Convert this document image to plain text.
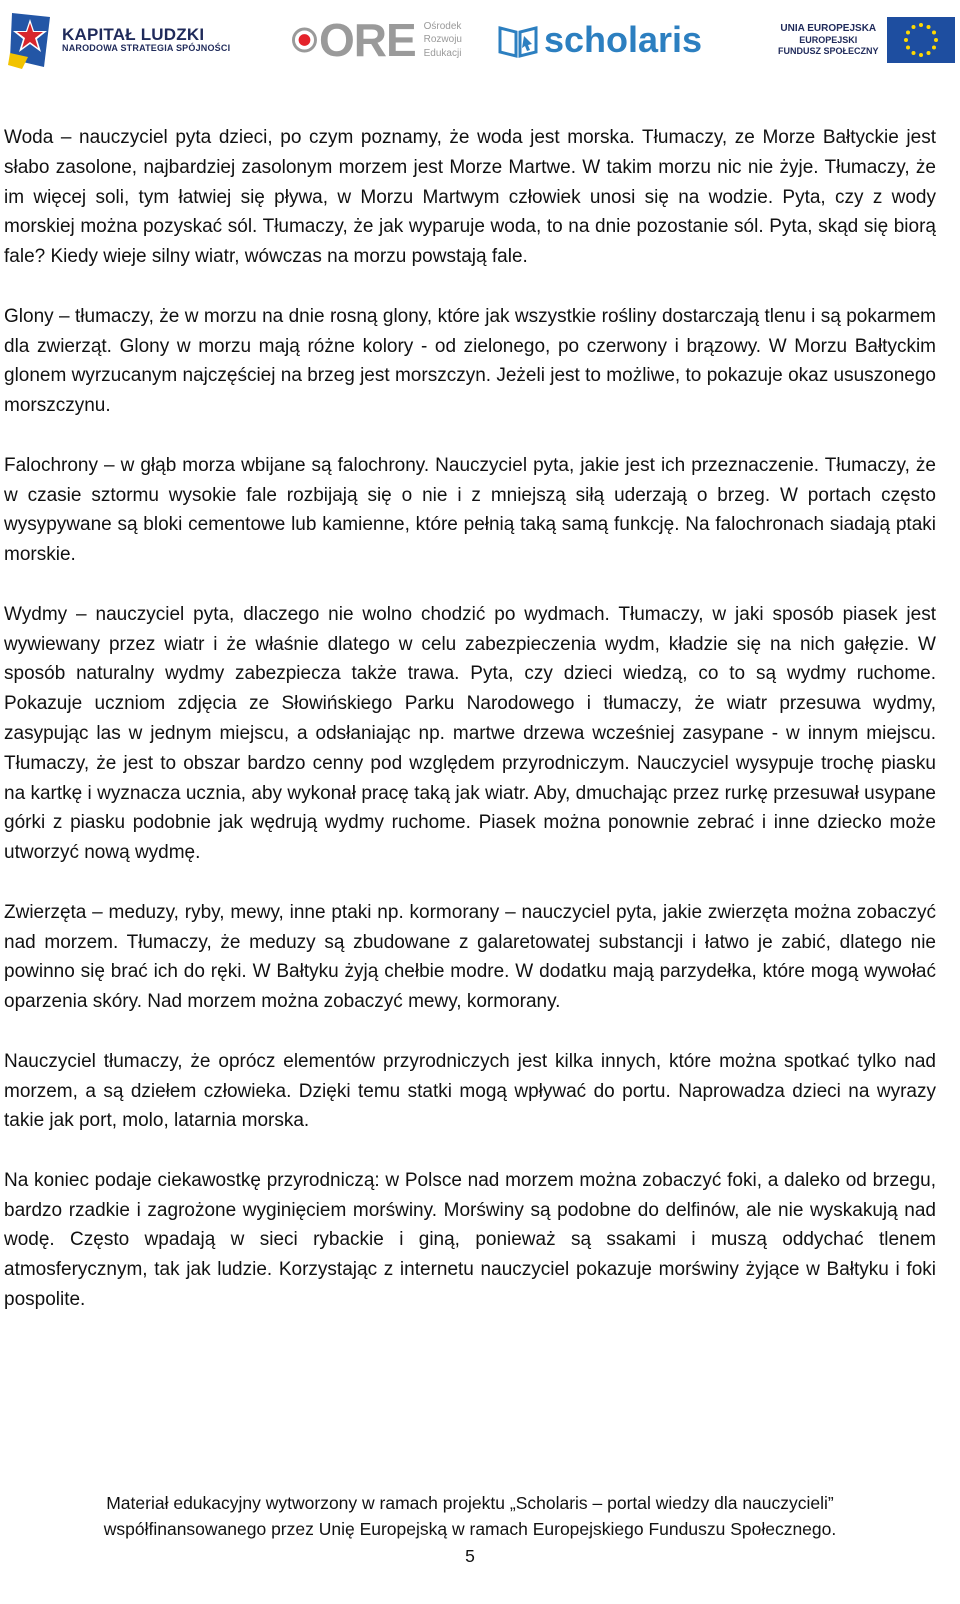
KAPITAŁ LUDZKI
NARODOWA STRATEGIA SPÓJNOŚCI ORE Ośrodek
Rozwoju
Edukacji scholaris	UNIA EUROPEJSKA
EUROPEJSKI
FUNDUSZ SPOŁECZNY

Woda – nauczyciel pyta dzieci, po czym poznamy, że woda jest morska. Tłumaczy, ze Morze Bałtyckie jest słabo zasolone, najbardziej zasolonym morzem jest Morze Martwe. W takim morzu nic nie żyje. Tłumaczy, że im więcej soli, tym łatwiej się pływa, w Morzu Martwym człowiek unosi się na wodzie. Pyta, czy z wody morskiej można pozyskać sól. Tłumaczy, że jak wyparuje woda, to na dnie pozostanie sól. Pyta, skąd się biorą fale? Kiedy wieje silny wiatr, wówczas na morzu powstają fale.

Glony – tłumaczy, że w morzu na dnie rosną glony, które jak wszystkie rośliny dostarczają tlenu i są pokarmem dla zwierząt. Glony w morzu mają różne kolory - od zielonego, po czerwony i brązowy. W Morzu Bałtyckim glonem wyrzucanym najczęściej na brzeg jest morszczyn. Jeżeli jest to możliwe, to pokazuje okaz ususzonego morszczynu.

Falochrony – w głąb morza wbijane są falochrony. Nauczyciel pyta, jakie jest ich przeznaczenie. Tłumaczy, że w czasie sztormu wysokie fale rozbijają się o nie i z mniejszą siłą uderzają o brzeg. W portach często wysypywane są bloki cementowe lub kamienne, które pełnią taką samą funkcję. Na falochronach siadają ptaki morskie.

Wydmy – nauczyciel pyta, dlaczego nie wolno chodzić po wydmach. Tłumaczy, w jaki sposób piasek jest wywiewany przez wiatr i że właśnie dlatego w celu zabezpieczenia wydm, kładzie się na nich gałęzie. W sposób naturalny wydmy zabezpiecza także trawa. Pyta, czy dzieci wiedzą, co to są wydmy ruchome. Pokazuje uczniom zdjęcia ze Słowińskiego Parku Narodowego i tłumaczy, że wiatr przesuwa wydmy, zasypując las w jednym miejscu, a odsłaniając np. martwe drzewa wcześniej zasypane - w innym miejscu. Tłumaczy, że jest to obszar bardzo cenny pod względem przyrodniczym. Nauczyciel wysypuje trochę piasku na kartkę i wyznacza ucznia, aby wykonał pracę taką jak wiatr. Aby, dmuchając przez rurkę przesuwał usypane górki z piasku podobnie jak wędrują wydmy ruchome. Piasek można ponownie zebrać i inne dziecko może utworzyć nową wydmę.

Zwierzęta – meduzy, ryby, mewy, inne ptaki np. kormorany – nauczyciel pyta, jakie zwierzęta można zobaczyć nad morzem. Tłumaczy, że meduzy są zbudowane z galaretowatej substancji i łatwo je zabić, dlatego nie powinno się brać ich do ręki. W Bałtyku żyją chełbie modre. W dodatku mają parzydełka, które mogą wywołać oparzenia skóry. Nad morzem można zobaczyć mewy, kormorany.

Nauczyciel tłumaczy, że oprócz elementów przyrodniczych jest kilka innych, które można spotkać tylko nad morzem, a są dziełem człowieka. Dzięki temu statki mogą wpływać do portu. Naprowadza dzieci na wyrazy takie jak port, molo, latarnia morska.

Na koniec podaje ciekawostkę przyrodniczą: w Polsce nad morzem można zobaczyć foki, a daleko od brzegu, bardzo rzadkie i zagrożone wyginięciem morświny. Morświny są podobne do delfinów, ale nie wyskakują nad wodę. Często wpadają w sieci rybackie i giną, ponieważ są ssakami i muszą oddychać tlenem atmosferycznym, tak jak ludzie. Korzystając z internetu nauczyciel pokazuje morświny żyjące w Bałtyku i foki pospolite.

Materiał edukacyjny wytworzony w ramach projektu „Scholaris – portal wiedzy dla nauczycieli”
współfinansowanego przez Unię Europejską w ramach Europejskiego Funduszu Społecznego.
5
